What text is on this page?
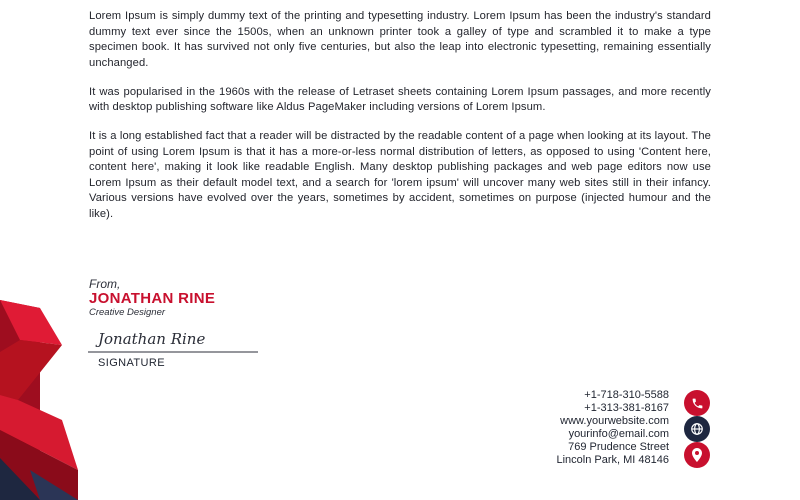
Lorem Ipsum is simply dummy text of the printing and typesetting industry. Lorem Ipsum has been the industry's standard dummy text ever since the 1500s, when an unknown printer took a galley of type and scrambled it to make a type specimen book. It has survived not only five centuries, but also the leap into electronic typesetting, remaining essentially unchanged.

It was popularised in the 1960s with the release of Letraset sheets containing Lorem Ipsum passages, and more recently with desktop publishing software like Aldus PageMaker including versions of Lorem Ipsum.

It is a long established fact that a reader will be distracted by the readable content of a page when looking at its layout. The point of using Lorem Ipsum is that it has a more-or-less normal distribution of letters, as opposed to using 'Content here, content here', making it look like readable English. Many desktop publishing packages and web page editors now use Lorem Ipsum as their default model text, and a search for 'lorem ipsum' will uncover many web sites still in their infancy. Various versions have evolved over the years, sometimes by accident, sometimes on purpose (injected humour and the like).

From,
JONATHAN RINE
Creative Designer
Jonathan Rine
SIGNATURE
+1-718-310-5588
+1-313-381-8167
www.yourwebsite.com
yourinfo@email.com
769 Prudence Street
Lincoln Park, MI 48146
